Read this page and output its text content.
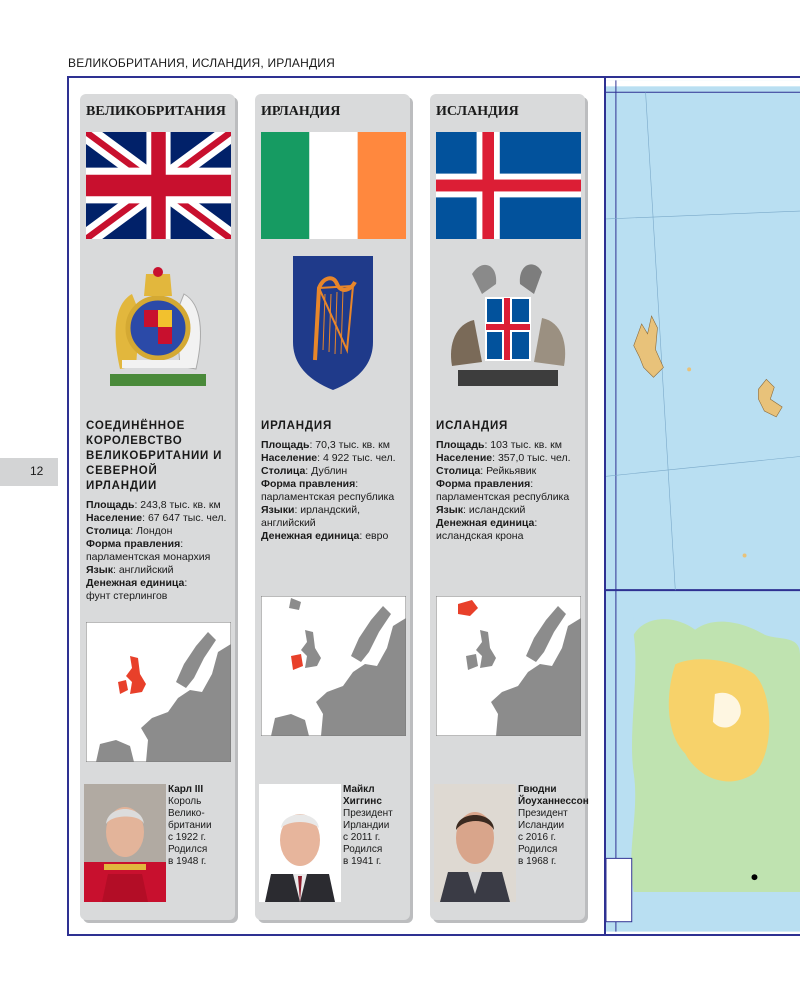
ВЕЛИКОБРИТАНИЯ, ИСЛАНДИЯ, ИРЛАНДИЯ
12
ВЕЛИКОБРИТАНИЯ
СОЕДИНЁННОЕ КОРОЛЕВСТВО ВЕЛИКОБРИТАНИИ И СЕВЕРНОЙ ИРЛАНДИИ
Площадь: 243,8 тыс. кв. км
Население: 67 647 тыс. чел.
Столица: Лондон
Форма правления:
парламентская монархия
Язык: английский
Денежная единица:
фунт стерлингов
Карл III
Король
Велико-
британии
с 1922 г.
Родился
в 1948 г.
ИРЛАНДИЯ
ИРЛАНДИЯ
Площадь: 70,3 тыс. кв. км
Население: 4 922 тыс. чел.
Столица: Дублин
Форма правления:
парламентская республика
Языки: ирландский, английский
Денежная единица: евро
Майкл Хиггинс
Президент
Ирландии
с 2011 г.
Родился
в 1941 г.
ИСЛАНДИЯ
ИСЛАНДИЯ
Площадь: 103 тыс. кв. км
Население: 357,0 тыс. чел.
Столица: Рейкьявик
Форма правления:
парламентская республика
Язык: исландский
Денежная единица:
исландская крона
Гвюдни Йоуханнессон
Президент
Исландии
с 2016 г.
Родился
в 1968 г.
